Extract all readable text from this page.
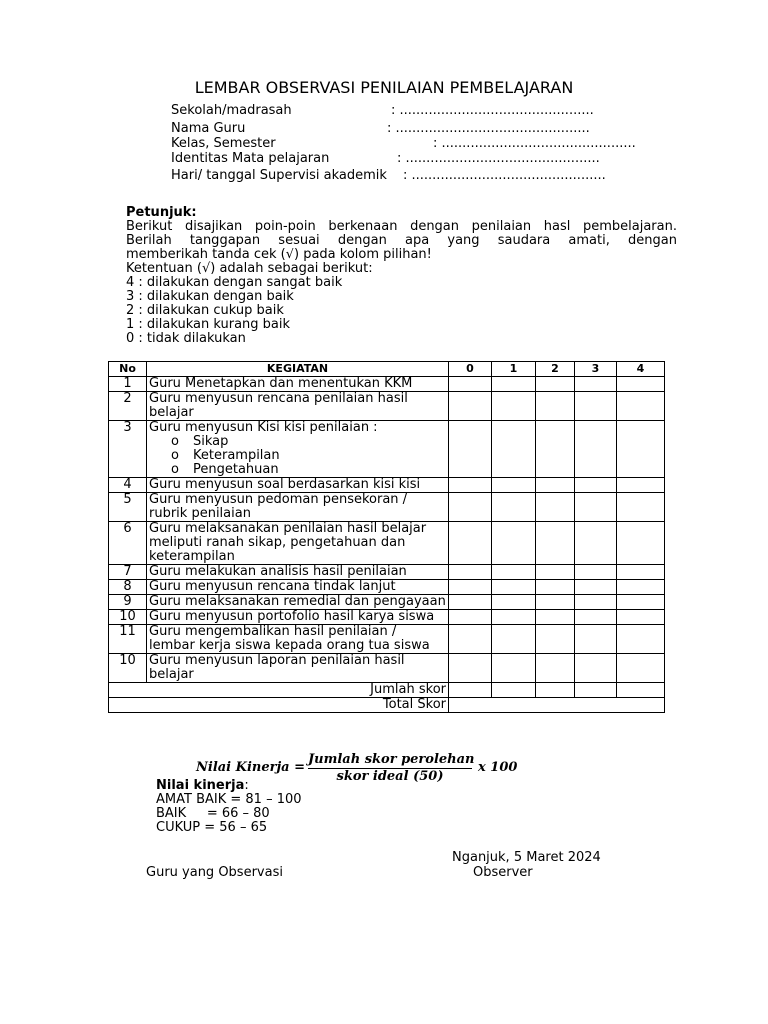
LEMBAR OBSERVASI PENILAIAN PEMBELAJARAN
Sekolah/madrasah	: ...............................................
Nama Guru	: ...............................................
Kelas, Semester	: ...............................................
Identitas Mata pelajaran	: ...............................................
Hari/ tanggal Supervisi akademik : ...............................................
Petunjuk:
Berikut disajikan poin-poin berkenaan dengan penilaian hasl pembelajaran.
Berilah tanggapan sesuai dengan apa yang saudara amati, dengan
memberikah tanda cek (√) pada kolom pilihan!
Ketentuan (√) adalah sebagai berikut:
4 : dilakukan dengan sangat baik
3 : dilakukan dengan baik
2 : dilakukan cukup baik
1 : dilakukan kurang baik
0 : tidak dilakukan
No	KEGIATAN	0	1	2	3	4
1	Guru Menetapkan dan menentukan KKM					
2	Guru menyusun rencana penilaian hasil belajar					
3	Guru menyusun Kisi kisi penilaian :
o Sikap
o Keterampilan
o Pengetahuan					

4	Guru menyusun soal berdasarkan kisi kisi					
5	Guru menyusun pedoman pensekoran / rubrik penilaian					
6	Guru melaksanakan penilaian hasil belajar meliputi ranah sikap, pengetahuan dan keterampilan					
7	Guru melakukan analisis hasil penilaian					
8	Guru menyusun rencana tindak lanjut					
9	Guru melaksanakan remedial dan pengayaan					
10	Guru menyusun portofolio hasil karya siswa					
11	Guru mengembalikan hasil penilaian / lembar kerja siswa kepada orang tua siswa					
10	Guru menyusun laporan penilaian hasil belajar					
Jumlah skor						
Total Skor						
Nilai Kinerja =
Jumlah skor perolehan
skor ideal (50)
x 100
Nilai kinerja:
AMAT BAIK = 81 – 100
BAIK     = 66 – 80
CUKUP = 56 – 65
Nganjuk, 5 Maret 2024
Guru yang Observasi	Observer
